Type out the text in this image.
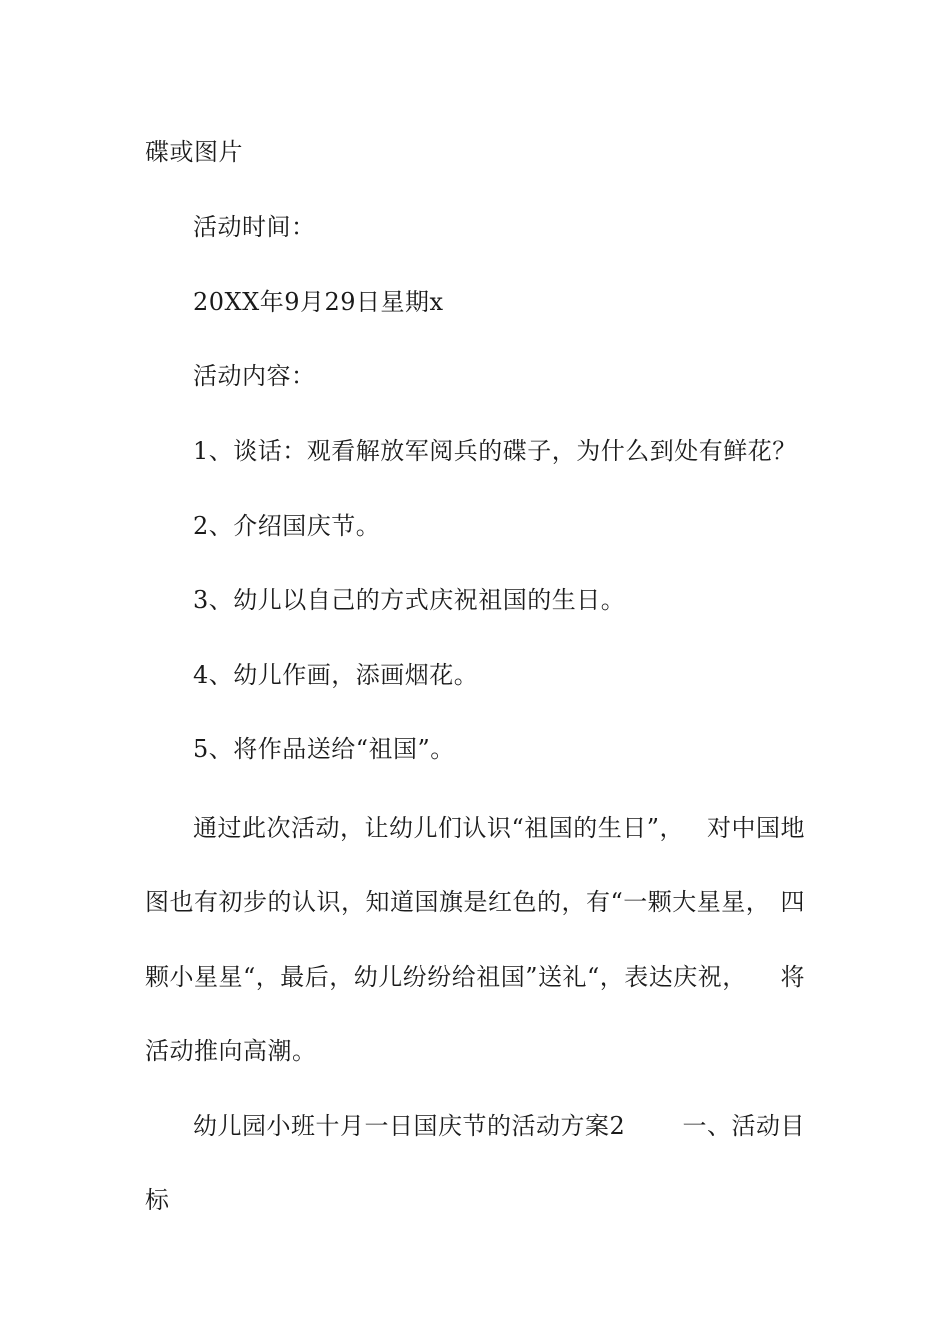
碟或图片
活动时间：
20XX年9月29日星期x
活动内容：
1、谈话：观看解放军阅兵的碟子，为什么到处有鲜花？
2、介绍国庆节。
3、幼儿以自己的方式庆祝祖国的生日。
4、幼儿作画，添画烟花。
5、将作品送给“祖国”。
通过此次活动，让幼儿们认识“祖国的生日”， 对中国地
图也有初步的认识，知道国旗是红色的，有“一颗大星星， 四
颗小星星“，最后，幼儿纷纷给祖国”送礼“，表达庆祝， 将
活动推向高潮。
幼儿园小班十月一日国庆节的活动方案2 一、活动目
标
